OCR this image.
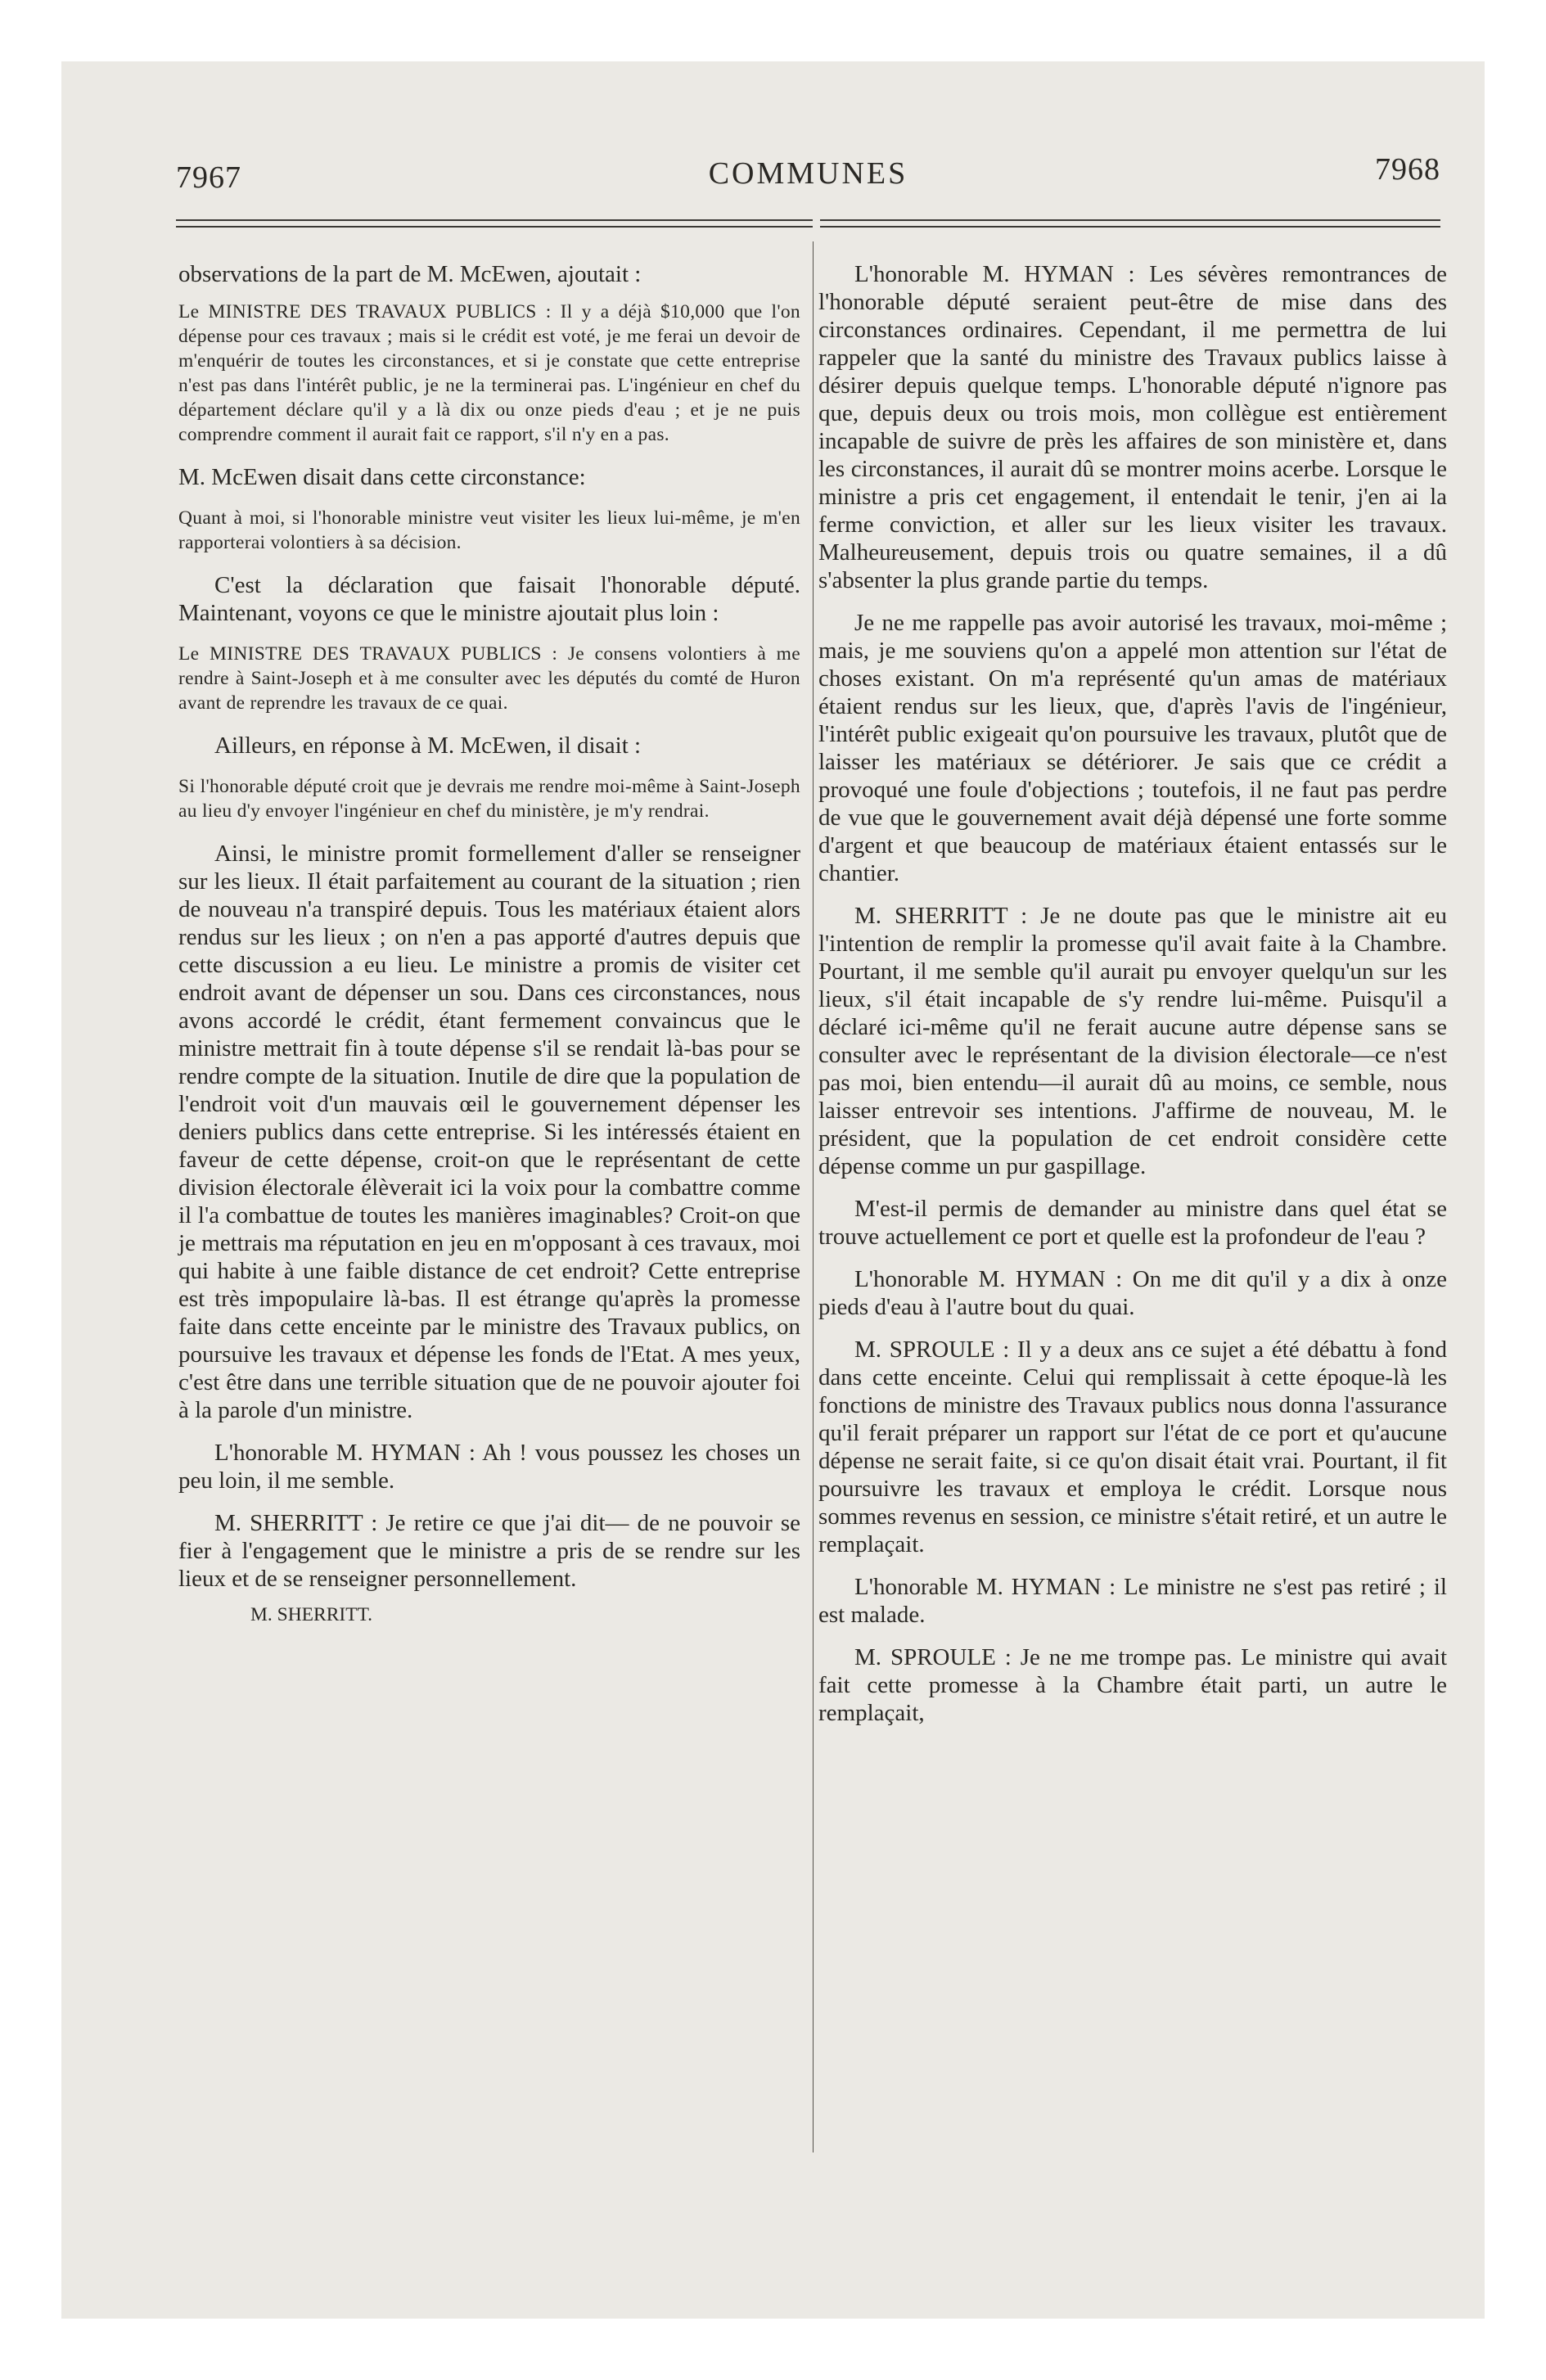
7967	COMMUNES	7968

observations de la part de M. McEwen, ajoutait :

Le MINISTRE DES TRAVAUX PUBLICS : Il y a déjà $10,000 que l'on dépense pour ces travaux ; mais si le crédit est voté, je me ferai un devoir de m'enquérir de toutes les circonstances, et si je constate que cette entreprise n'est pas dans l'intérêt public, je ne la terminerai pas. L'ingénieur en chef du département déclare qu'il y a là dix ou onze pieds d'eau ; et je ne puis comprendre comment il aurait fait ce rapport, s'il n'y en a pas.

M. McEwen disait dans cette circonstance:

Quant à moi, si l'honorable ministre veut visiter les lieux lui-même, je m'en rapporterai volontiers à sa décision.

C'est la déclaration que faisait l'honorable député. Maintenant, voyons ce que le ministre ajoutait plus loin :

Le MINISTRE DES TRAVAUX PUBLICS : Je consens volontiers à me rendre à Saint-Joseph et à me consulter avec les députés du comté de Huron avant de reprendre les travaux de ce quai.

Ailleurs, en réponse à M. McEwen, il disait :

Si l'honorable député croit que je devrais me rendre moi-même à Saint-Joseph au lieu d'y envoyer l'ingénieur en chef du ministère, je m'y rendrai.

Ainsi, le ministre promit formellement d'aller se renseigner sur les lieux. Il était parfaitement au courant de la situation ; rien de nouveau n'a transpiré depuis. Tous les matériaux étaient alors rendus sur les lieux ; on n'en a pas apporté d'autres depuis que cette discussion a eu lieu. Le ministre a promis de visiter cet endroit avant de dépenser un sou. Dans ces circonstances, nous avons accordé le crédit, étant fermement convaincus que le ministre mettrait fin à toute dépense s'il se rendait là-bas pour se rendre compte de la situation. Inutile de dire que la population de l'endroit voit d'un mauvais œil le gouvernement dépenser les deniers publics dans cette entreprise. Si les intéressés étaient en faveur de cette dépense, croit-on que le représentant de cette division électorale élèverait ici la voix pour la combattre comme il l'a combattue de toutes les manières imaginables? Croit-on que je mettrais ma réputation en jeu en m'opposant à ces travaux, moi qui habite à une faible distance de cet endroit? Cette entreprise est très impopulaire là-bas. Il est étrange qu'après la promesse faite dans cette enceinte par le ministre des Travaux publics, on poursuive les travaux et dépense les fonds de l'Etat. A mes yeux, c'est être dans une terrible situation que de ne pouvoir ajouter foi à la parole d'un ministre.

L'honorable M. HYMAN : Ah ! vous poussez les choses un peu loin, il me semble.

M. SHERRITT : Je retire ce que j'ai dit— de ne pouvoir se fier à l'engagement que le ministre a pris de se rendre sur les lieux et de se renseigner personnellement.

M. SHERRITT.

L'honorable M. HYMAN : Les sévères remontrances de l'honorable député seraient peut-être de mise dans des circonstances ordinaires. Cependant, il me permettra de lui rappeler que la santé du ministre des Travaux publics laisse à désirer depuis quelque temps. L'honorable député n'ignore pas que, depuis deux ou trois mois, mon collègue est entièrement incapable de suivre de près les affaires de son ministère et, dans les circonstances, il aurait dû se montrer moins acerbe. Lorsque le ministre a pris cet engagement, il entendait le tenir, j'en ai la ferme conviction, et aller sur les lieux visiter les travaux. Malheureusement, depuis trois ou quatre semaines, il a dû s'absenter la plus grande partie du temps.

Je ne me rappelle pas avoir autorisé les travaux, moi-même ; mais, je me souviens qu'on a appelé mon attention sur l'état de choses existant. On m'a représenté qu'un amas de matériaux étaient rendus sur les lieux, que, d'après l'avis de l'ingénieur, l'intérêt public exigeait qu'on poursuive les travaux, plutôt que de laisser les matériaux se détériorer. Je sais que ce crédit a provoqué une foule d'objections ; toutefois, il ne faut pas perdre de vue que le gouvernement avait déjà dépensé une forte somme d'argent et que beaucoup de matériaux étaient entassés sur le chantier.

M. SHERRITT : Je ne doute pas que le ministre ait eu l'intention de remplir la promesse qu'il avait faite à la Chambre. Pourtant, il me semble qu'il aurait pu envoyer quelqu'un sur les lieux, s'il était incapable de s'y rendre lui-même. Puisqu'il a déclaré ici-même qu'il ne ferait aucune autre dépense sans se consulter avec le représentant de la division électorale—ce n'est pas moi, bien entendu—il aurait dû au moins, ce semble, nous laisser entrevoir ses intentions. J'affirme de nouveau, M. le président, que la population de cet endroit considère cette dépense comme un pur gaspillage.

M'est-il permis de demander au ministre dans quel état se trouve actuellement ce port et quelle est la profondeur de l'eau ?

L'honorable M. HYMAN : On me dit qu'il y a dix à onze pieds d'eau à l'autre bout du quai.

M. SPROULE : Il y a deux ans ce sujet a été débattu à fond dans cette enceinte. Celui qui remplissait à cette époque-là les fonctions de ministre des Travaux publics nous donna l'assurance qu'il ferait préparer un rapport sur l'état de ce port et qu'aucune dépense ne serait faite, si ce qu'on disait était vrai. Pourtant, il fit poursuivre les travaux et employa le crédit. Lorsque nous sommes revenus en session, ce ministre s'était retiré, et un autre le remplaçait.

L'honorable M. HYMAN : Le ministre ne s'est pas retiré ; il est malade.

M. SPROULE : Je ne me trompe pas. Le ministre qui avait fait cette promesse à la Chambre était parti, un autre le remplaçait,
